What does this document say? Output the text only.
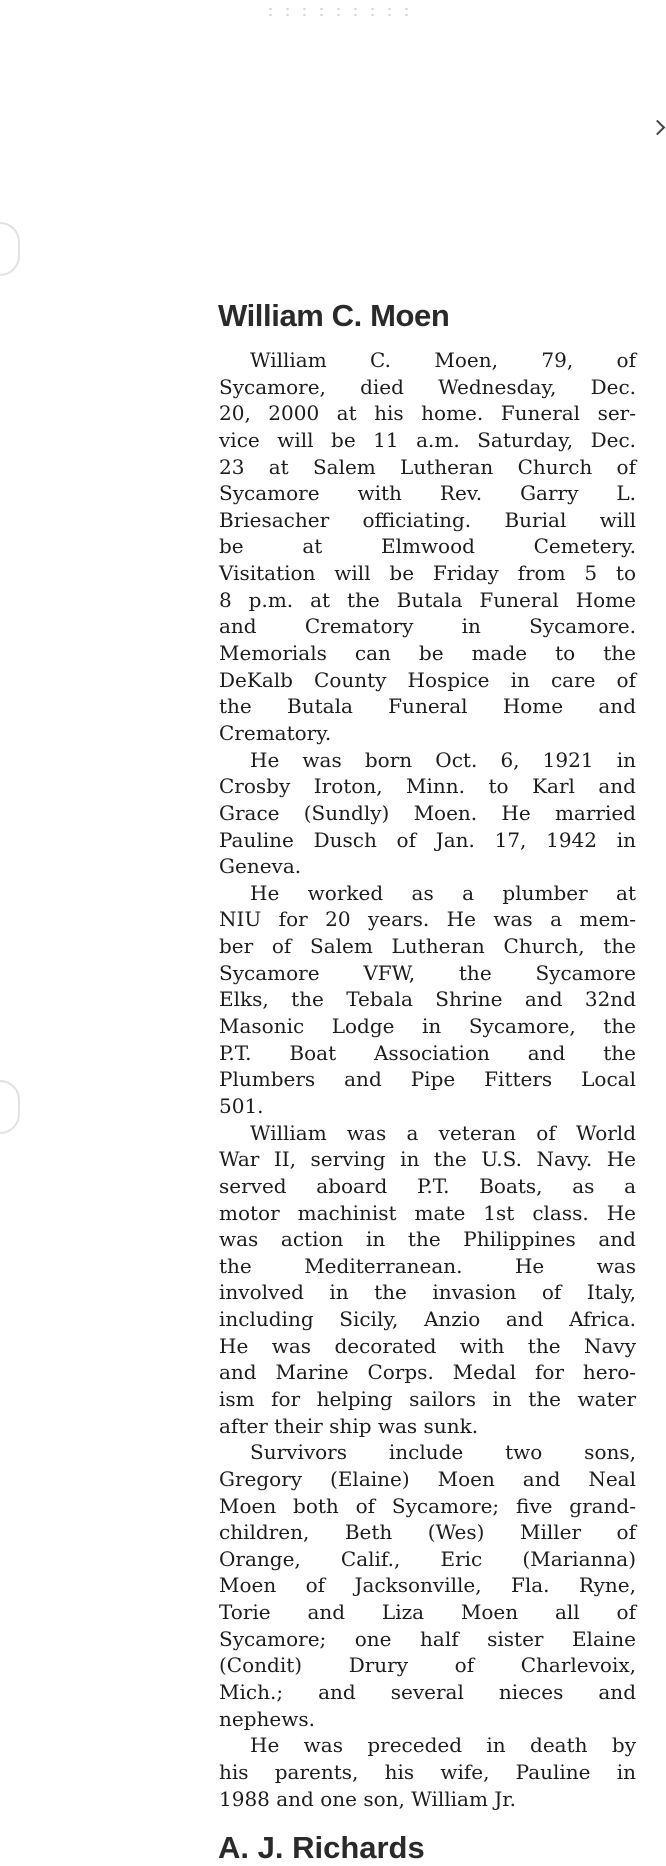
William C. Moen
William C. Moen, 79, of
Sycamore, died Wednesday, Dec.
20, 2000 at his home. Funeral ser-
vice will be 11 a.m. Saturday, Dec.
23 at Salem Lutheran Church of
Sycamore with Rev. Garry L.
Briesacher officiating. Burial will
be at Elmwood Cemetery.
Visitation will be Friday from 5 to
8 p.m. at the Butala Funeral Home
and Crematory in Sycamore.
Memorials can be made to the
DeKalb County Hospice in care of
the Butala Funeral Home and
Crematory.
He was born Oct. 6, 1921 in
Crosby Iroton, Minn. to Karl and
Grace (Sundly) Moen. He married
Pauline Dusch of Jan. 17, 1942 in
Geneva.
He worked as a plumber at
NIU for 20 years. He was a mem-
ber of Salem Lutheran Church, the
Sycamore VFW, the Sycamore
Elks, the Tebala Shrine and 32nd
Masonic Lodge in Sycamore, the
P.T. Boat Association and the
Plumbers and Pipe Fitters Local
501.
William was a veteran of World
War II, serving in the U.S. Navy. He
served aboard P.T. Boats, as a
motor machinist mate 1st class. He
was action in the Philippines and
the Mediterranean. He was
involved in the invasion of Italy,
including Sicily, Anzio and Africa.
He was decorated with the Navy
and Marine Corps. Medal for hero-
ism for helping sailors in the water
after their ship was sunk.
Survivors include two sons,
Gregory (Elaine) Moen and Neal
Moen both of Sycamore; five grand-
children, Beth (Wes) Miller of
Orange, Calif., Eric (Marianna)
Moen of Jacksonville, Fla. Ryne,
Torie and Liza Moen all of
Sycamore; one half sister Elaine
(Condit) Drury of Charlevoix,
Mich.; and several nieces and
nephews.
He was preceded in death by
his parents, his wife, Pauline in
1988 and one son, William Jr.
A. J. Richards
